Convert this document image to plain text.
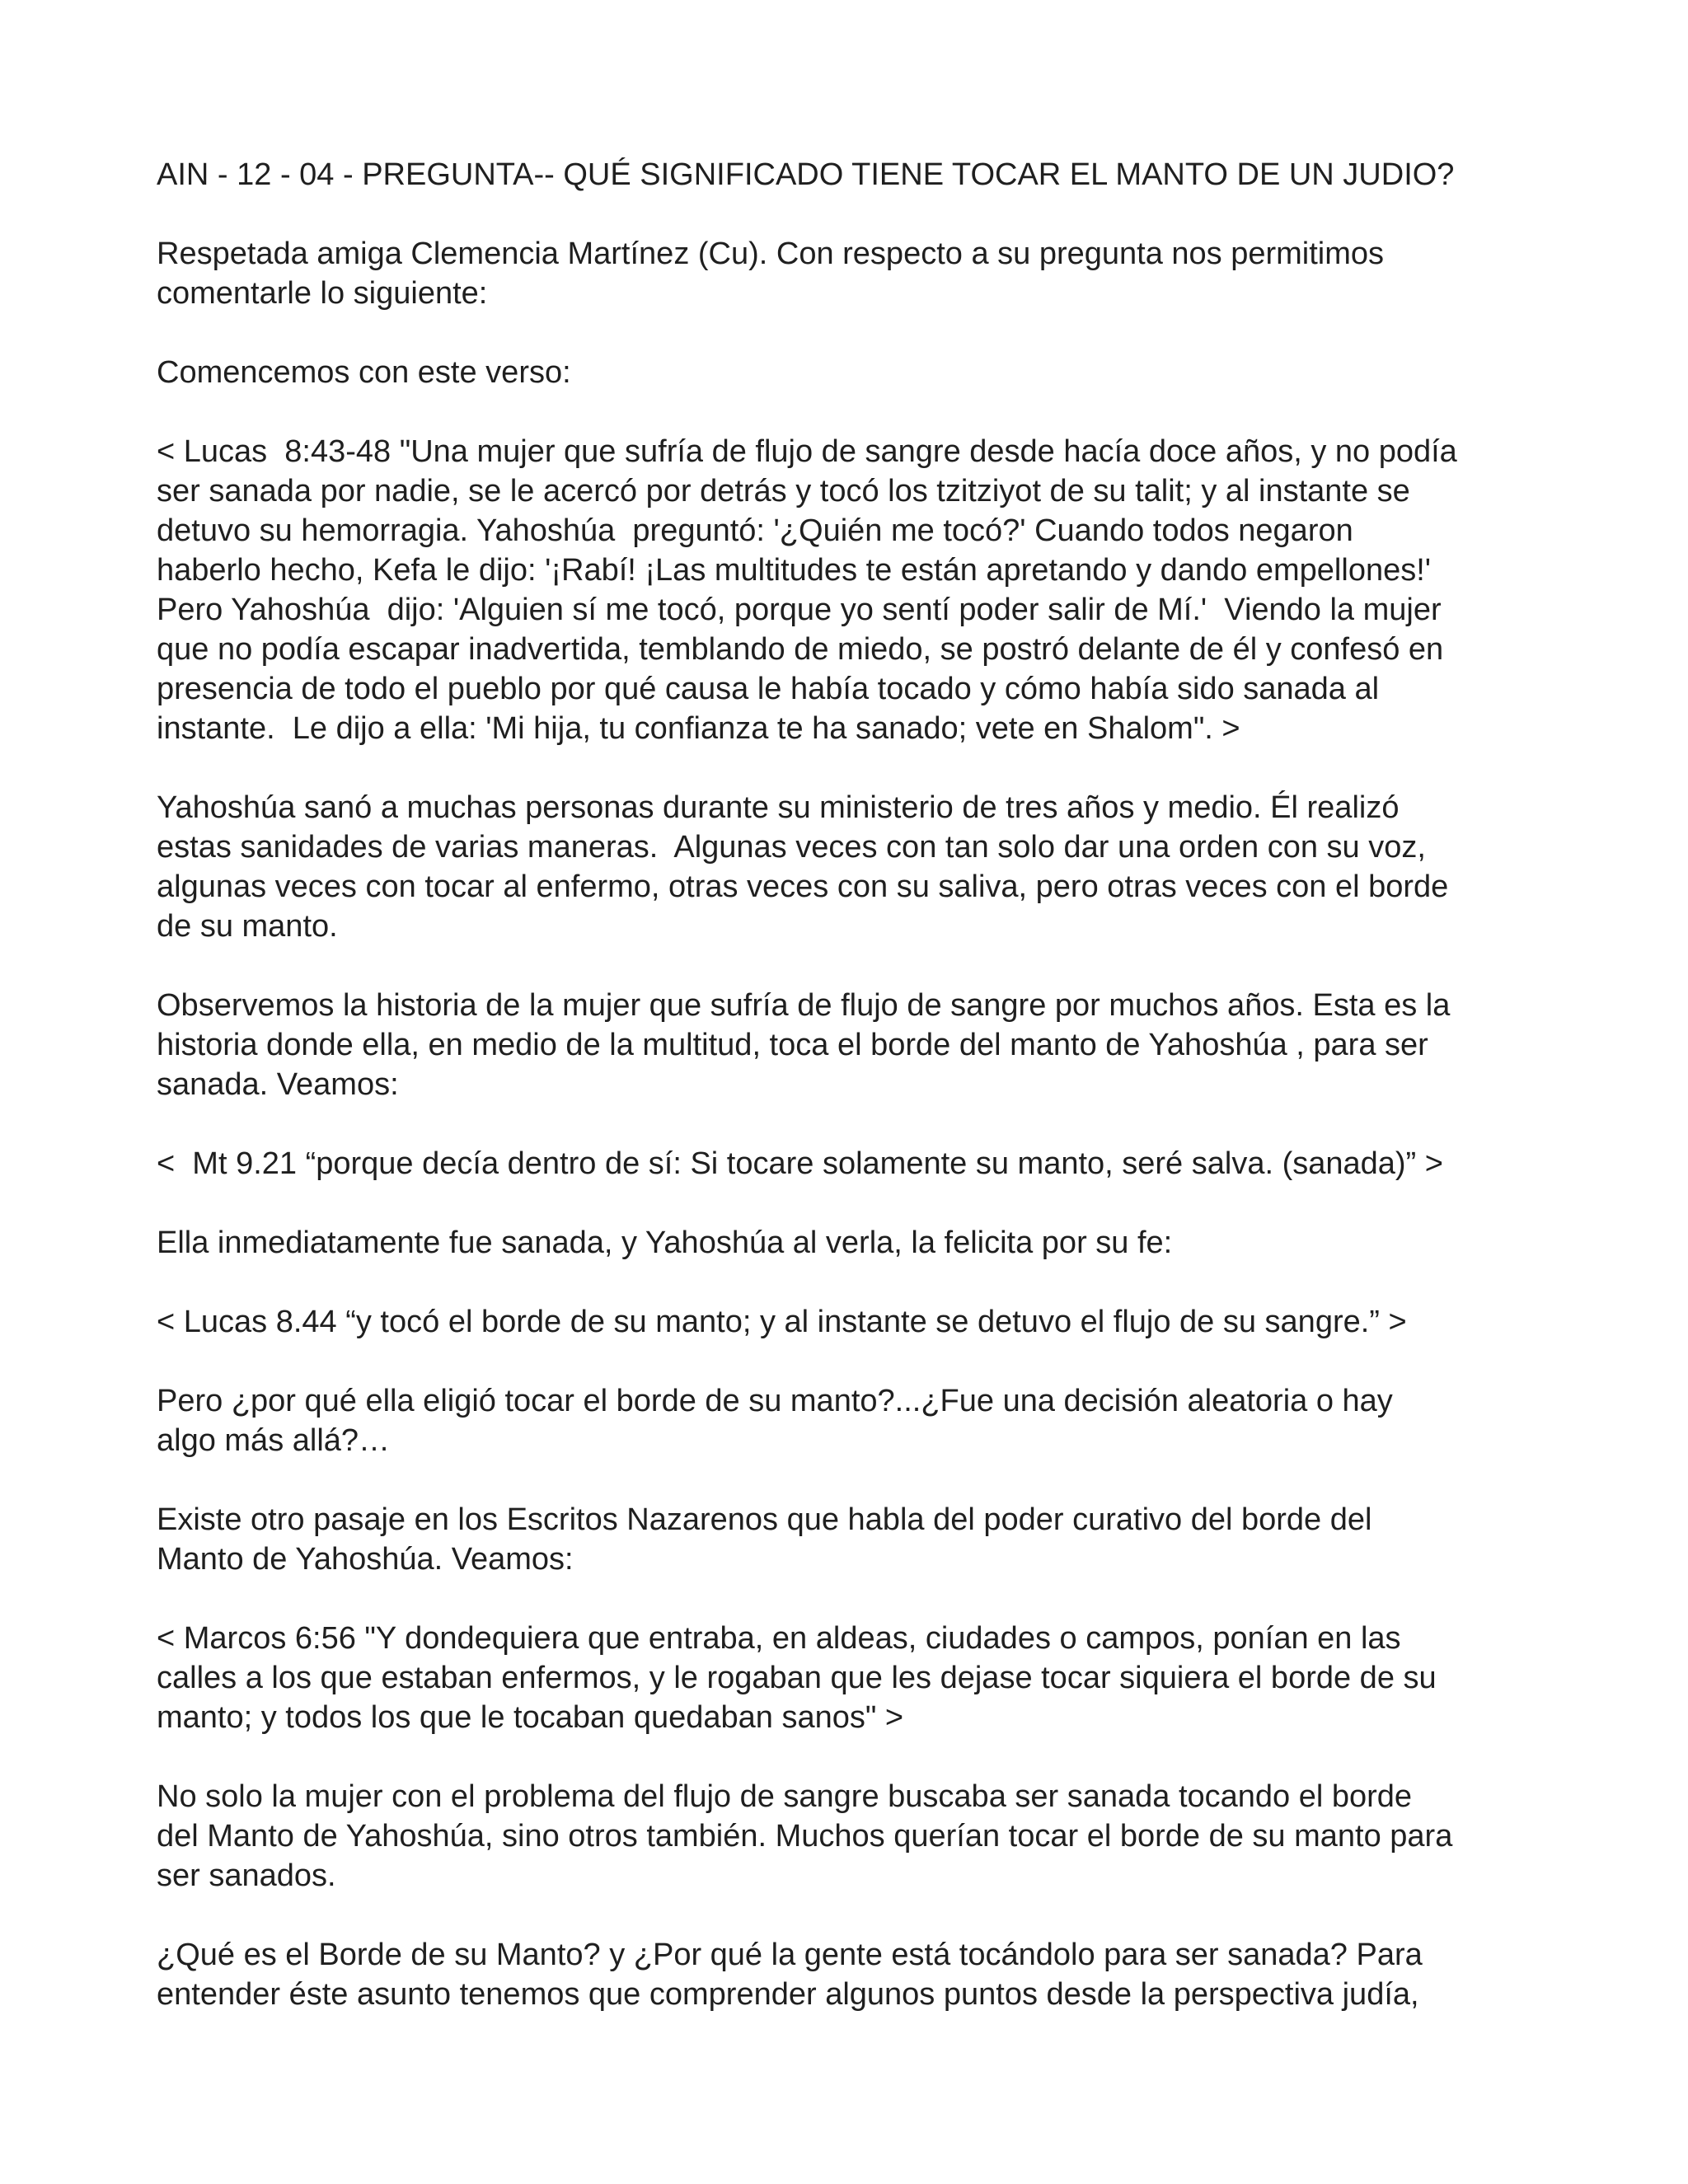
AIN - 12 - 04 - PREGUNTA-- QUÉ SIGNIFICADO TIENE TOCAR EL MANTO DE UN JUDIO?

Respetada amiga Clemencia Martínez (Cu). Con respecto a su pregunta nos permitimos
comentarle lo siguiente:

Comencemos con este verso:

< Lucas  8:43-48 "Una mujer que sufría de flujo de sangre desde hacía doce años, y no podía
ser sanada por nadie, se le acercó por detrás y tocó los tzitziyot de su talit; y al instante se
detuvo su hemorragia. Yahoshúa  preguntó: '¿Quién me tocó?' Cuando todos negaron
haberlo hecho, Kefa le dijo: '¡Rabí! ¡Las multitudes te están apretando y dando empellones!'
Pero Yahoshúa  dijo: 'Alguien sí me tocó, porque yo sentí poder salir de Mí.'  Viendo la mujer
que no podía escapar inadvertida, temblando de miedo, se postró delante de él y confesó en
presencia de todo el pueblo por qué causa le había tocado y cómo había sido sanada al
instante.  Le dijo a ella: 'Mi hija, tu confianza te ha sanado; vete en Shalom". >

Yahoshúa sanó a muchas personas durante su ministerio de tres años y medio. Él realizó
estas sanidades de varias maneras.  Algunas veces con tan solo dar una orden con su voz,
algunas veces con tocar al enfermo, otras veces con su saliva, pero otras veces con el borde
de su manto.

Observemos la historia de la mujer que sufría de flujo de sangre por muchos años. Esta es la
historia donde ella, en medio de la multitud, toca el borde del manto de Yahoshúa , para ser
sanada. Veamos:

<  Mt 9.21 “porque decía dentro de sí: Si tocare solamente su manto, seré salva. (sanada)” >

Ella inmediatamente fue sanada, y Yahoshúa al verla, la felicita por su fe:

< Lucas 8.44 “y tocó el borde de su manto; y al instante se detuvo el flujo de su sangre.” >

Pero ¿por qué ella eligió tocar el borde de su manto?...¿Fue una decisión aleatoria o hay
algo más allá?…

Existe otro pasaje en los Escritos Nazarenos que habla del poder curativo del borde del
Manto de Yahoshúa. Veamos:

< Marcos 6:56 "Y dondequiera que entraba, en aldeas, ciudades o campos, ponían en las
calles a los que estaban enfermos, y le rogaban que les dejase tocar siquiera el borde de su
manto; y todos los que le tocaban quedaban sanos" >

No solo la mujer con el problema del flujo de sangre buscaba ser sanada tocando el borde
del Manto de Yahoshúa, sino otros también. Muchos querían tocar el borde de su manto para
ser sanados.

¿Qué es el Borde de su Manto? y ¿Por qué la gente está tocándolo para ser sanada? Para
entender éste asunto tenemos que comprender algunos puntos desde la perspectiva judía,
